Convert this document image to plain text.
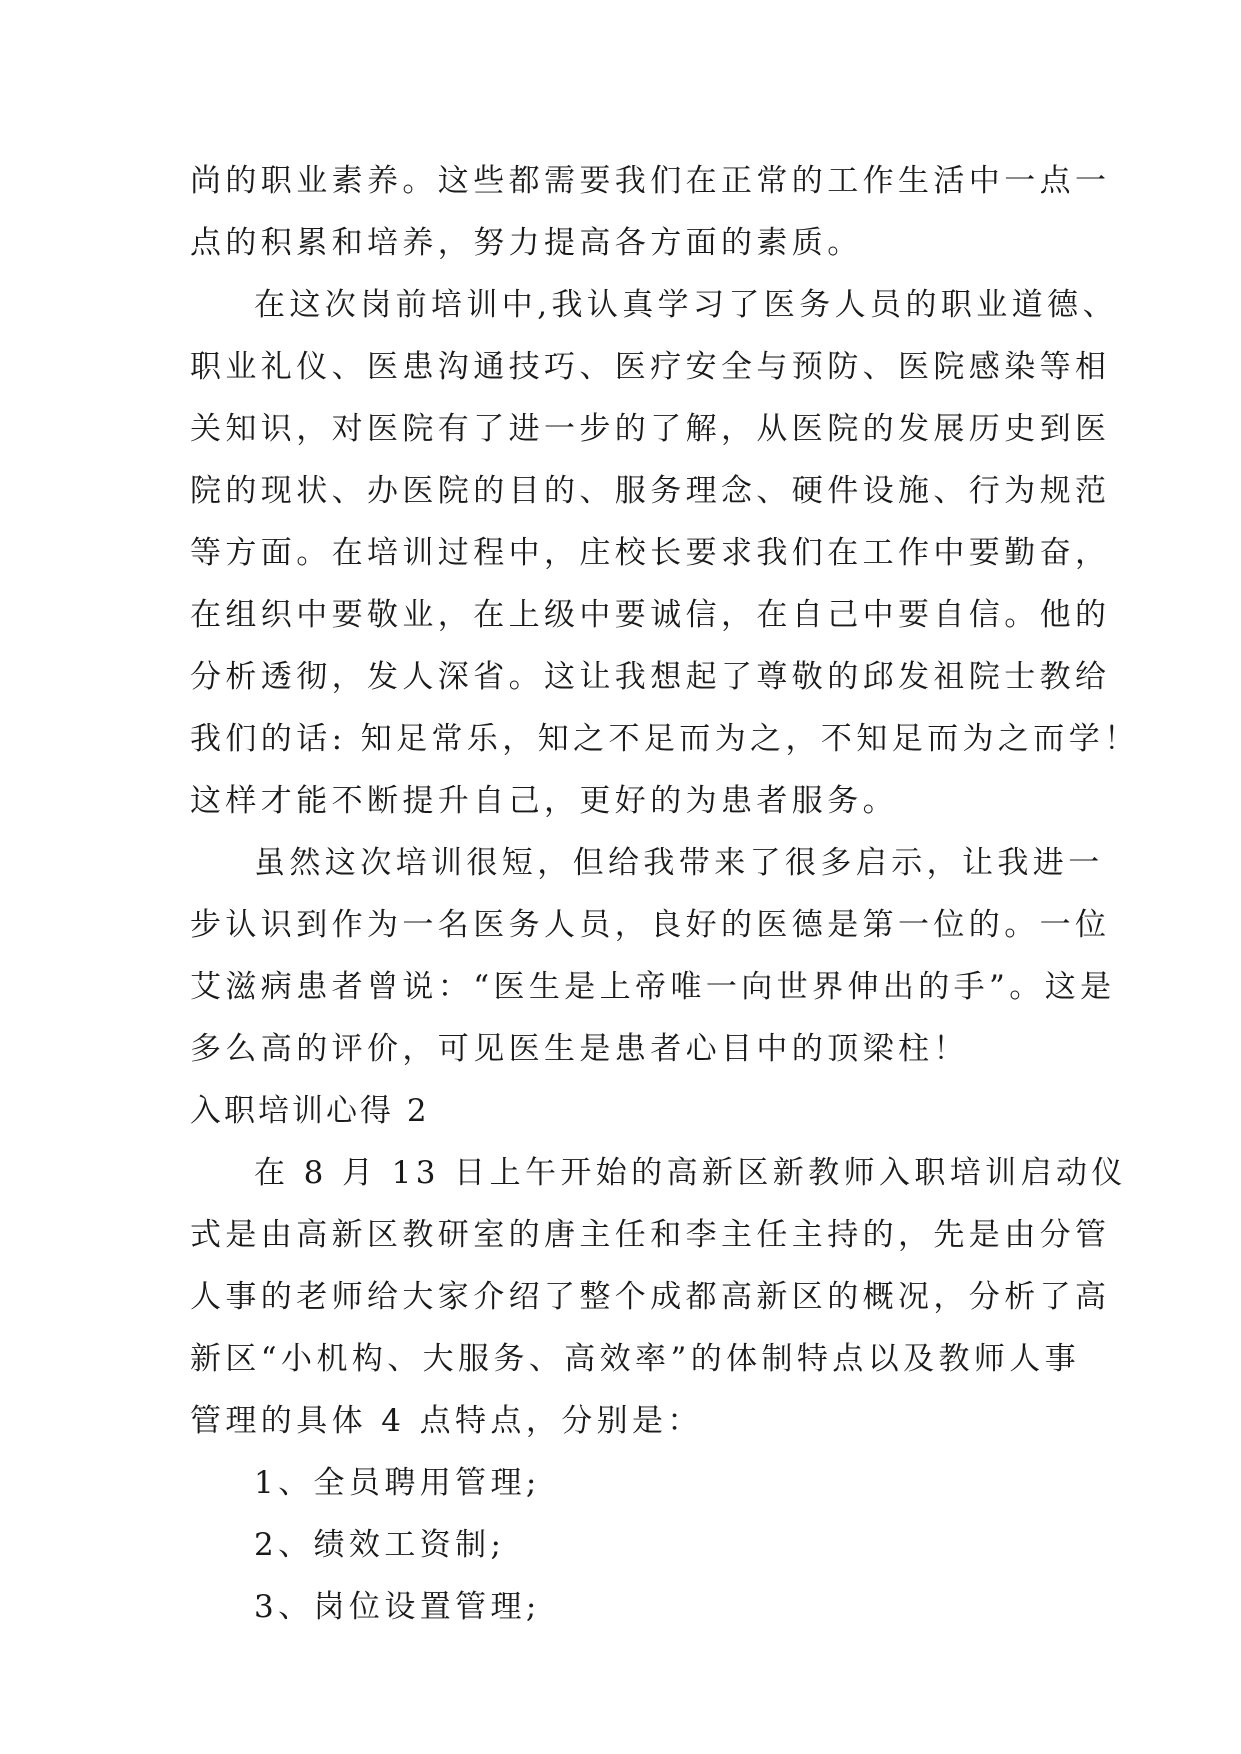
尚的职业素养。这些都需要我们在正常的工作生活中一点一
点的积累和培养，努力提高各方面的素质。
在这次岗前培训中,我认真学习了医务人员的职业道德、
职业礼仪、医患沟通技巧、医疗安全与预防、医院感染等相
关知识，对医院有了进一步的了解，从医院的发展历史到医
院的现状、办医院的目的、服务理念、硬件设施、行为规范
等方面。在培训过程中，庄校长要求我们在工作中要勤奋，
在组织中要敬业，在上级中要诚信，在自己中要自信。他的
分析透彻，发人深省。这让我想起了尊敬的邱发祖院士教给
我们的话: 知足常乐，知之不足而为之，不知足而为之而学！
这样才能不断提升自己，更好的为患者服务。
虽然这次培训很短，但给我带来了很多启示，让我进一
步认识到作为一名医务人员，良好的医德是第一位的。一位
艾滋病患者曾说：“医生是上帝唯一向世界伸出的手”。这是
多么高的评价，可见医生是患者心目中的顶梁柱！
入职培训心得 2
在 8 月 13 日上午开始的高新区新教师入职培训启动仪
式是由高新区教研室的唐主任和李主任主持的，先是由分管
人事的老师给大家介绍了整个成都高新区的概况，分析了高
新区“小机构、大服务、高效率”的体制特点以及教师人事
管理的具体 4 点特点，分别是：
1、全员聘用管理;
2、绩效工资制;
3、岗位设置管理;
